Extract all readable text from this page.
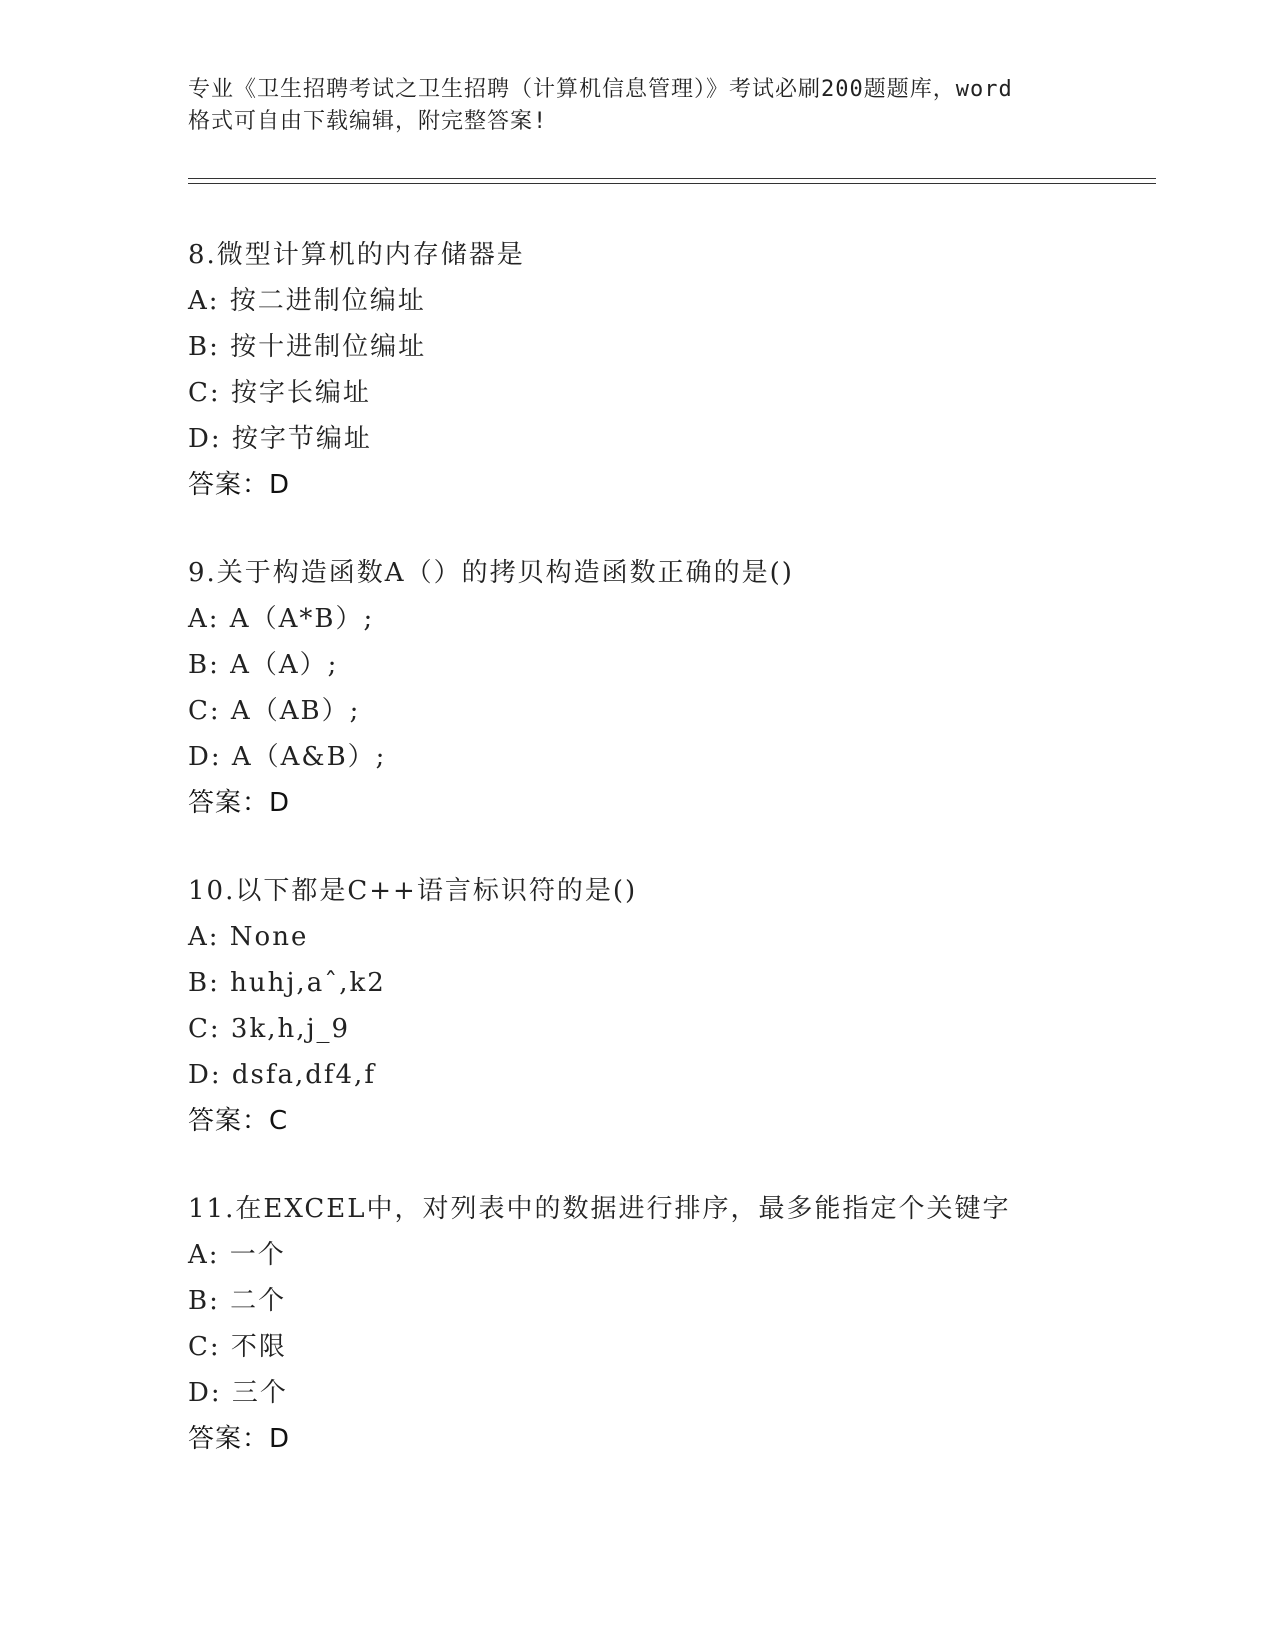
专业《卫生招聘考试之卫生招聘（计算机信息管理）》考试必刷200题题库，word
格式可自由下载编辑，附完整答案!
8.微型计算机的内存储器是
A: 按二进制位编址
B: 按十进制位编址
C: 按字长编址
D: 按字节编址
答案：D
9.关于构造函数A（）的拷贝构造函数正确的是()
A: A（A*B）;
B: A（A）;
C: A（AB）;
D: A（A&B）;
答案：D
10.以下都是C++语言标识符的是()
A: None
B: huhj,aˆ,k2
C: 3k,h,j_9
D: dsfa,df4,f
答案：C
11.在EXCEL中，对列表中的数据进行排序，最多能指定个关键字
A: 一个
B: 二个
C: 不限
D: 三个
答案：D
